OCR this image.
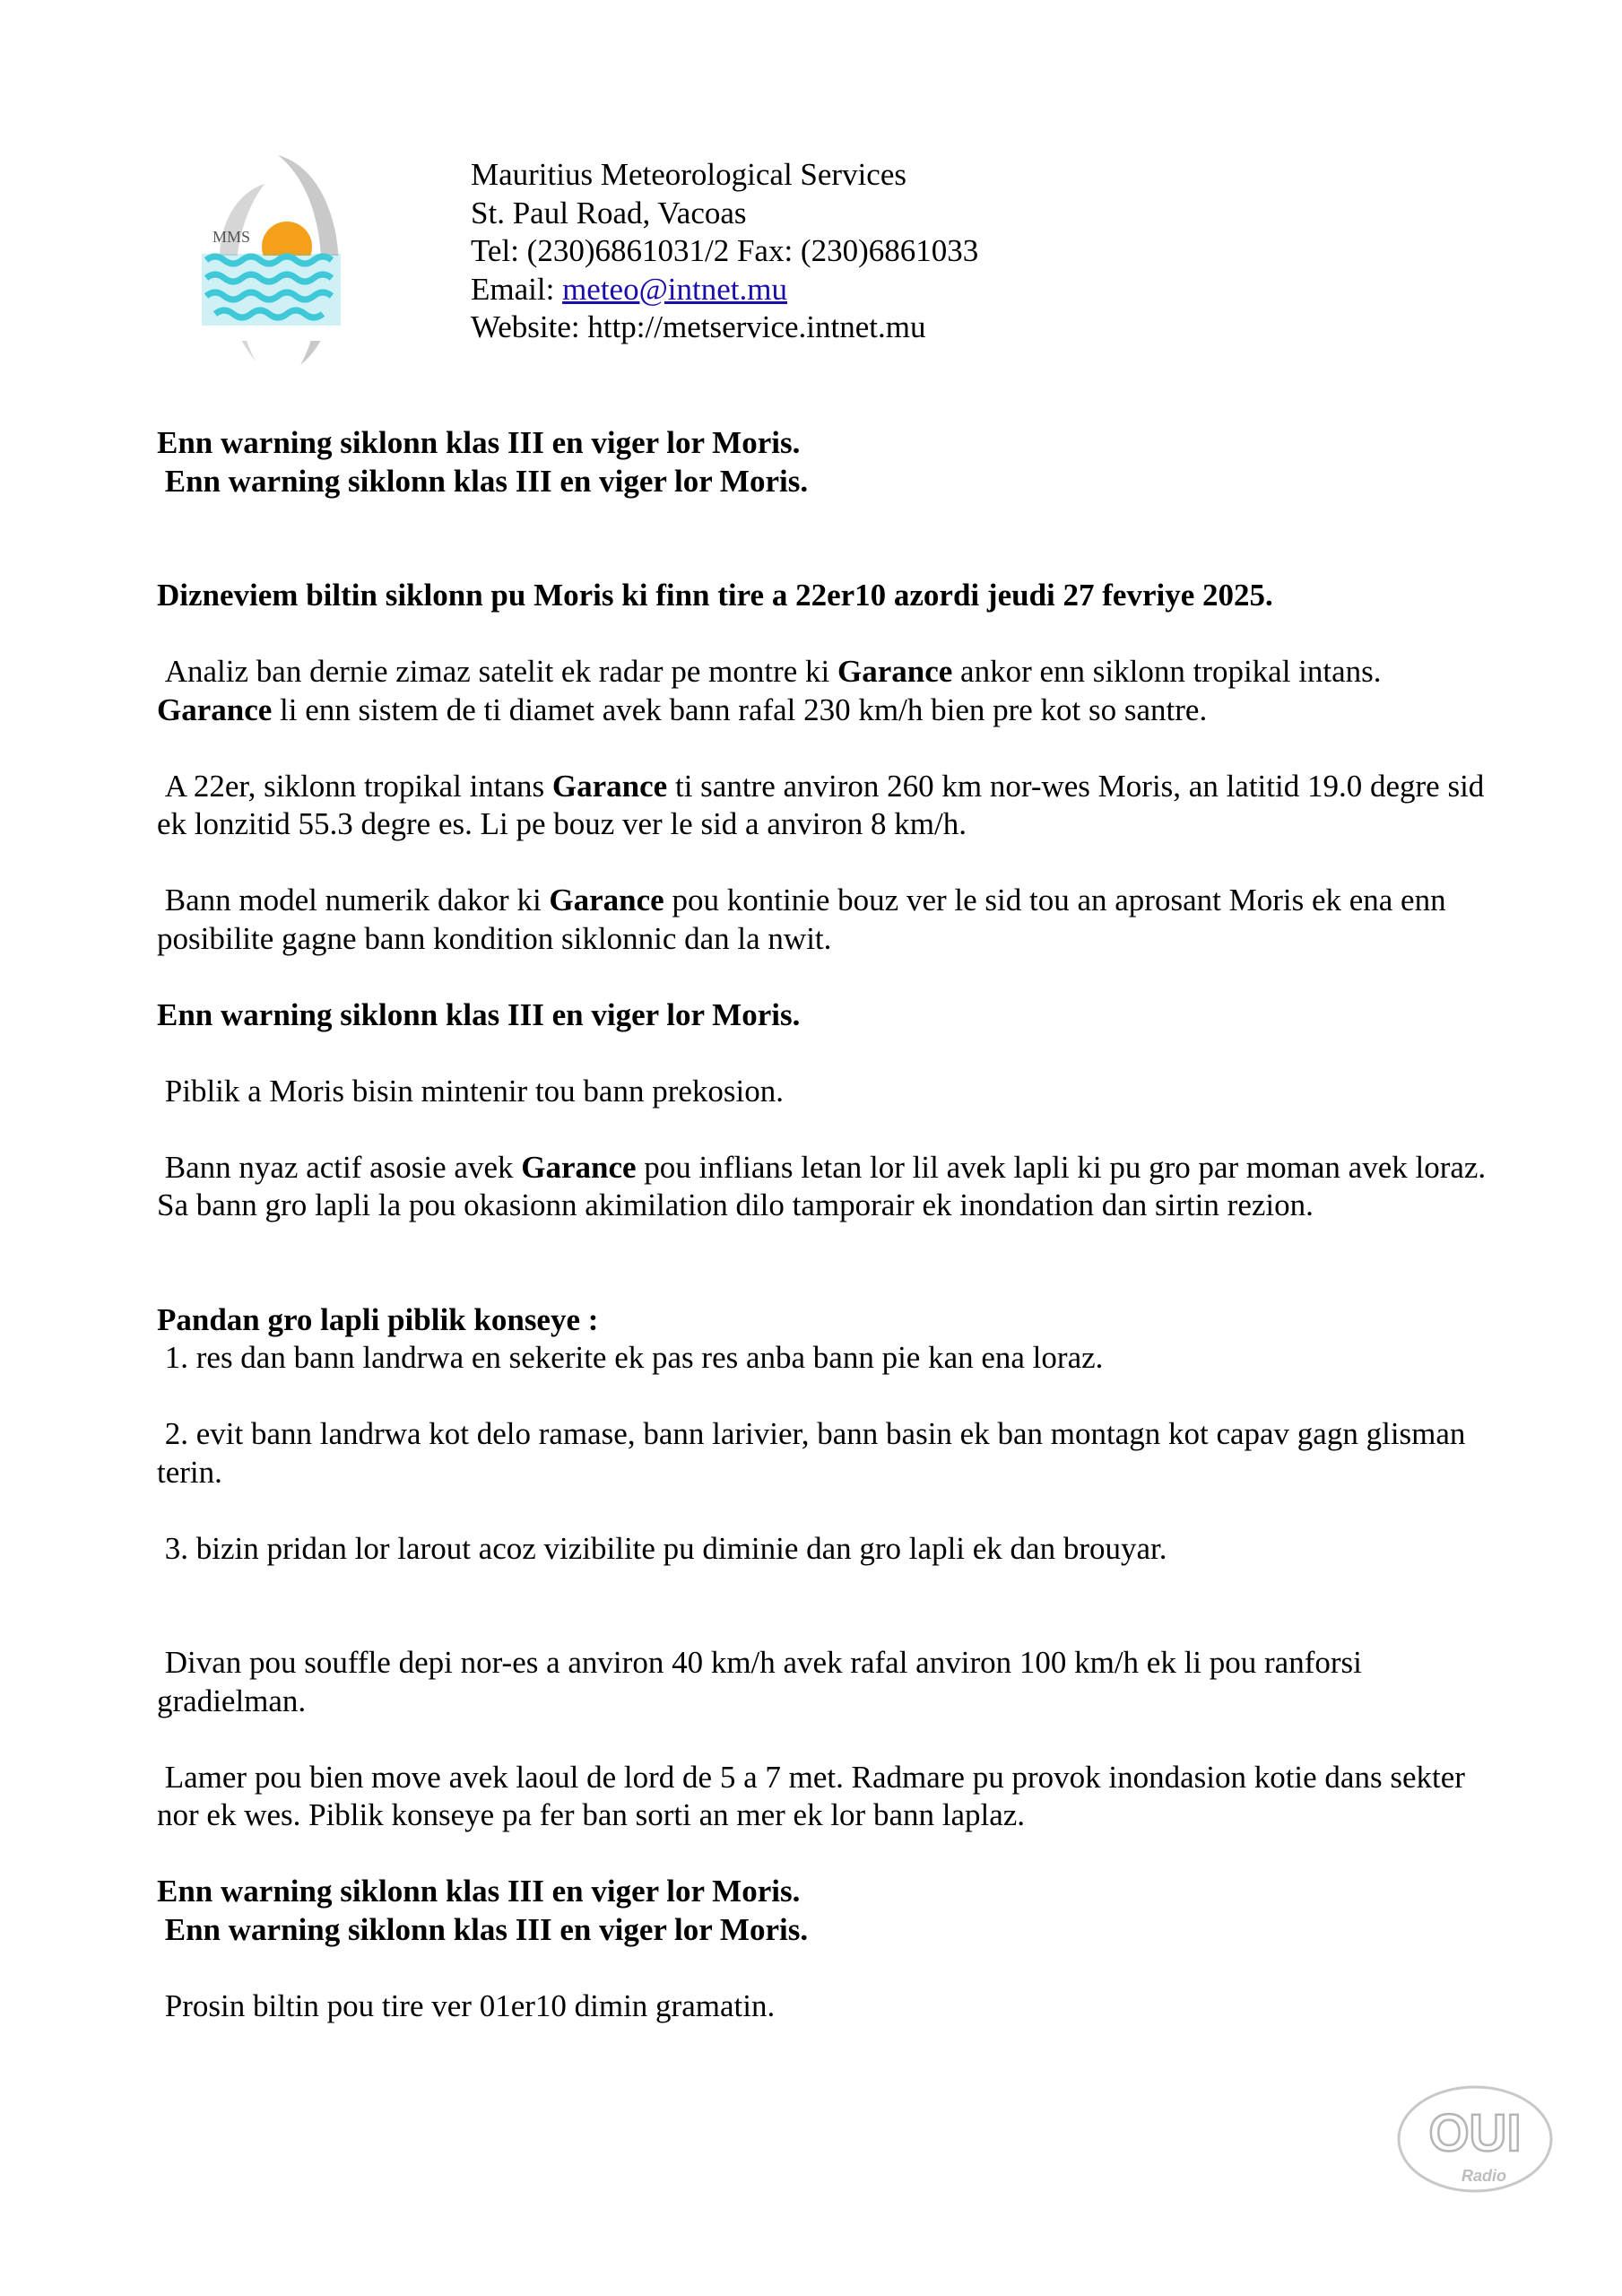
MMS
Mauritius Meteorological Services
St. Paul Road, Vacoas
Tel: (230)6861031/2 Fax: (230)6861033
Email: meteo@intnet.mu
Website: http://metservice.intnet.mu

Enn warning siklonn klas III en viger lor Moris.

Enn warning siklonn klas III en viger lor Moris.

Dizneviem biltin siklonn pu Moris ki finn tire a 22er10 azordi jeudi 27 fevriye 2025.

Analiz ban dernie zimaz satelit ek radar pe montre ki Garance ankor enn siklonn tropikal intans.
Garance li enn sistem de ti diamet avek bann rafal 230 km/h bien pre kot so santre.

A 22er, siklonn tropikal intans Garance ti santre anviron 260 km nor-wes Moris, an latitid 19.0 degre sid ek lonzitid 55.3 degre es. Li pe bouz ver le sid a anviron 8 km/h.

Bann model numerik dakor ki Garance pou kontinie bouz ver le sid tou an aprosant Moris ek ena enn posibilite gagne bann kondition siklonnic dan la nwit.

Enn warning siklonn klas III en viger lor Moris.

Piblik a Moris bisin mintenir tou bann prekosion.

Bann nyaz actif asosie avek Garance pou inflians letan lor lil avek lapli ki pu gro par moman avek loraz. Sa bann gro lapli la pou okasionn akimilation dilo tamporair ek inondation dan sirtin rezion.

Pandan gro lapli piblik konseye :

1. res dan bann landrwa en sekerite ek pas res anba bann pie kan ena loraz.

2. evit bann landrwa kot delo ramase, bann larivier, bann basin ek ban montagn kot capav gagn glisman terin.

3. bizin pridan lor larout acoz vizibilite pu diminie dan gro lapli ek dan brouyar.

Divan pou souffle depi nor-es a anviron 40 km/h avek rafal anviron 100 km/h ek li pou ranforsi gradielman.

Lamer pou bien move avek laoul de lord de 5 a 7 met. Radmare pu provok inondasion kotie dans sekter nor ek wes. Piblik konseye pa fer ban sorti an mer ek lor bann laplaz.

Enn warning siklonn klas III en viger lor Moris.

Enn warning siklonn klas III en viger lor Moris.

Prosin biltin pou tire ver 01er10 dimin gramatin.

OUI
Radio
